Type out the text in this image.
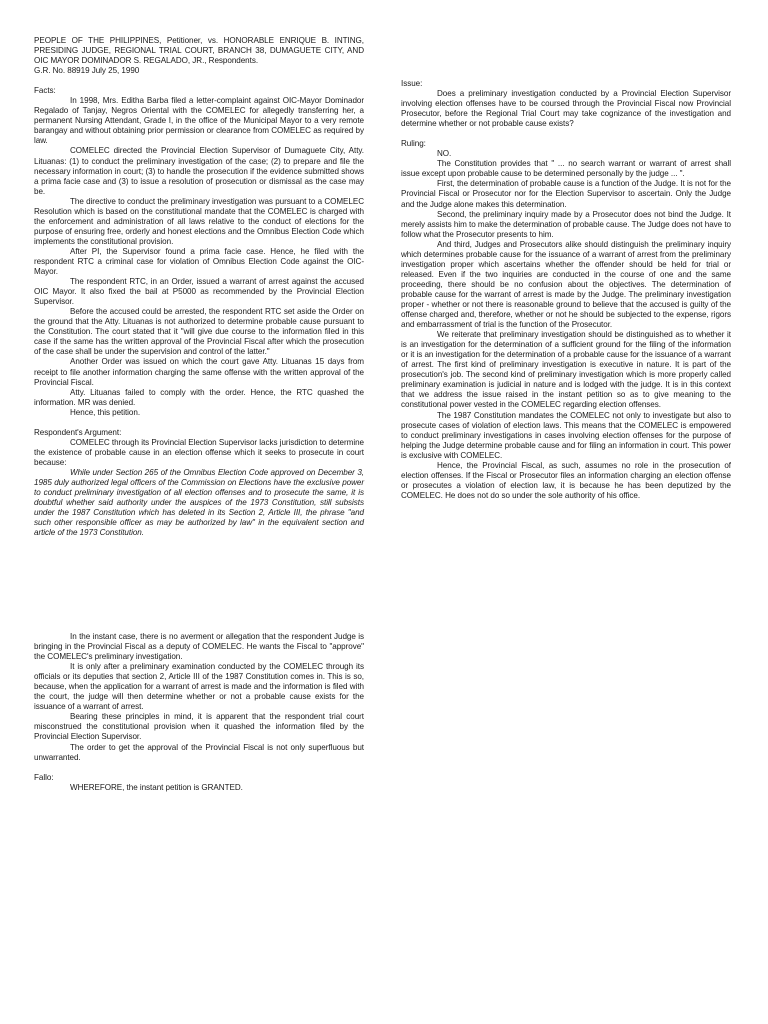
PEOPLE OF THE PHILIPPINES, Petitioner, vs. HONORABLE ENRIQUE B. INTING, PRESIDING JUDGE, REGIONAL TRIAL COURT, BRANCH 38, DUMAGUETE CITY, AND OIC MAYOR DOMINADOR S. REGALADO, JR., Respondents.

G.R. No. 88919 July 25, 1990

Facts:

In 1998, Mrs. Editha Barba filed a letter-complaint against OIC-Mayor Dominador Regalado of Tanjay, Negros Oriental with the COMELEC for allegedly transferring her, a permanent Nursing Attendant, Grade I, in the office of the Municipal Mayor to a very remote barangay and without obtaining prior permission or clearance from COMELEC as required by law.

COMELEC directed the Provincial Election Supervisor of Dumaguete City, Atty. Lituanas: (1) to conduct the preliminary investigation of the case; (2) to prepare and file the necessary information in court; (3) to handle the prosecution if the evidence submitted shows a prima facie case and (3) to issue a resolution of prosecution or dismissal as the case may be.

The directive to conduct the preliminary investigation was pursuant to a COMELEC Resolution which is based on the constitutional mandate that the COMELEC is charged with the enforcement and administration of all laws relative to the conduct of elections for the purpose of ensuring free, orderly and honest elections and the Omnibus Election Code which implements the constitutional provision.

After PI, the Supervisor found a prima facie case. Hence, he filed with the respondent RTC a criminal case for violation of Omnibus Election Code against the OIC-Mayor.

The respondent RTC, in an Order, issued a warrant of arrest against the accused OIC Mayor. It also fixed the bail at P5000 as recommended by the Provincial Election Supervisor.

Before the accused could be arrested, the respondent RTC set aside the Order on the ground that the Atty. Lituanas is not authorized to determine probable cause pursuant to the Constitution. The court stated that it "will give due course to the information filed in this case if the same has the written approval of the Provincial Fiscal after which the prosecution of the case shall be under the supervision and control of the latter."

Another Order was issued on which the court gave Atty. Lituanas 15 days from receipt to file another information charging the same offense with the written approval of the Provincial Fiscal.

Atty. Lituanas failed to comply with the order. Hence, the RTC quashed the information. MR was denied.

Hence, this petition.

Respondent's Argument:

COMELEC through its Provincial Election Supervisor lacks jurisdiction to determine the existence of probable cause in an election offense which it seeks to prosecute in court because:

While under Section 265 of the Omnibus Election Code approved on December 3, 1985 duly authorized legal officers of the Commission on Elections have the exclusive power to conduct preliminary investigation of all election offenses and to prosecute the same, it is doubtful whether said authority under the auspices of the 1973 Constitution, still subsists under the 1987 Constitution which has deleted in its Section 2, Article III, the phrase "and such other responsible officer as may be authorized by law" in the equivalent section and article of the 1973 Constitution.

Issue:

Does a preliminary investigation conducted by a Provincial Election Supervisor involving election offenses have to be coursed through the Provincial Fiscal now Provincial Prosecutor, before the Regional Trial Court may take cognizance of the investigation and determine whether or not probable cause exists?

Ruling:

NO.

The Constitution provides that " ... no search warrant or warrant of arrest shall issue except upon probable cause to be determined personally by the judge ... ".

First, the determination of probable cause is a function of the Judge. It is not for the Provincial Fiscal or Prosecutor nor for the Election Supervisor to ascertain. Only the Judge and the Judge alone makes this determination.

Second, the preliminary inquiry made by a Prosecutor does not bind the Judge. It merely assists him to make the determination of probable cause. The Judge does not have to follow what the Prosecutor presents to him.

And third, Judges and Prosecutors alike should distinguish the preliminary inquiry which determines probable cause for the issuance of a warrant of arrest from the preliminary investigation proper which ascertains whether the offender should be held for trial or released. Even if the two inquiries are conducted in the course of one and the same proceeding, there should be no confusion about the objectives. The determination of probable cause for the warrant of arrest is made by the Judge. The preliminary investigation proper - whether or not there is reasonable ground to believe that the accused is guilty of the offense charged and, therefore, whether or not he should be subjected to the expense, rigors and embarrassment of trial is the function of the Prosecutor.

We reiterate that preliminary investigation should be distinguished as to whether it is an investigation for the determination of a sufficient ground for the filing of the information or it is an investigation for the determination of a probable cause for the issuance of a warrant of arrest. The first kind of preliminary investigation is executive in nature. It is part of the prosecution's job. The second kind of preliminary investigation which is more properly called preliminary examination is judicial in nature and is lodged with the judge. It is in this context that we address the issue raised in the instant petition so as to give meaning to the constitutional power vested in the COMELEC regarding election offenses.

The 1987 Constitution mandates the COMELEC not only to investigate but also to prosecute cases of violation of election laws. This means that the COMELEC is empowered to conduct preliminary investigations in cases involving election offenses for the purpose of helping the Judge determine probable cause and for filing an information in court. This power is exclusive with COMELEC.

Hence, the Provincial Fiscal, as such, assumes no role in the prosecution of election offenses. If the Fiscal or Prosecutor files an information charging an election offense or prosecutes a violation of election law, it is because he has been deputized by the COMELEC. He does not do so under the sole authority of his office.

In the instant case, there is no averment or allegation that the respondent Judge is bringing in the Provincial Fiscal as a deputy of COMELEC. He wants the Fiscal to "approve" the COMELEC's preliminary investigation.

It is only after a preliminary examination conducted by the COMELEC through its officials or its deputies that section 2, Article III of the 1987 Constitution comes in. This is so, because, when the application for a warrant of arrest is made and the information is filed with the court, the judge will then determine whether or not a probable cause exists for the issuance of a warrant of arrest.

Bearing these principles in mind, it is apparent that the respondent trial court misconstrued the constitutional provision when it quashed the information filed by the Provincial Election Supervisor.

The order to get the approval of the Provincial Fiscal is not only superfluous but unwarranted.

Fallo:

WHEREFORE, the instant petition is GRANTED.
